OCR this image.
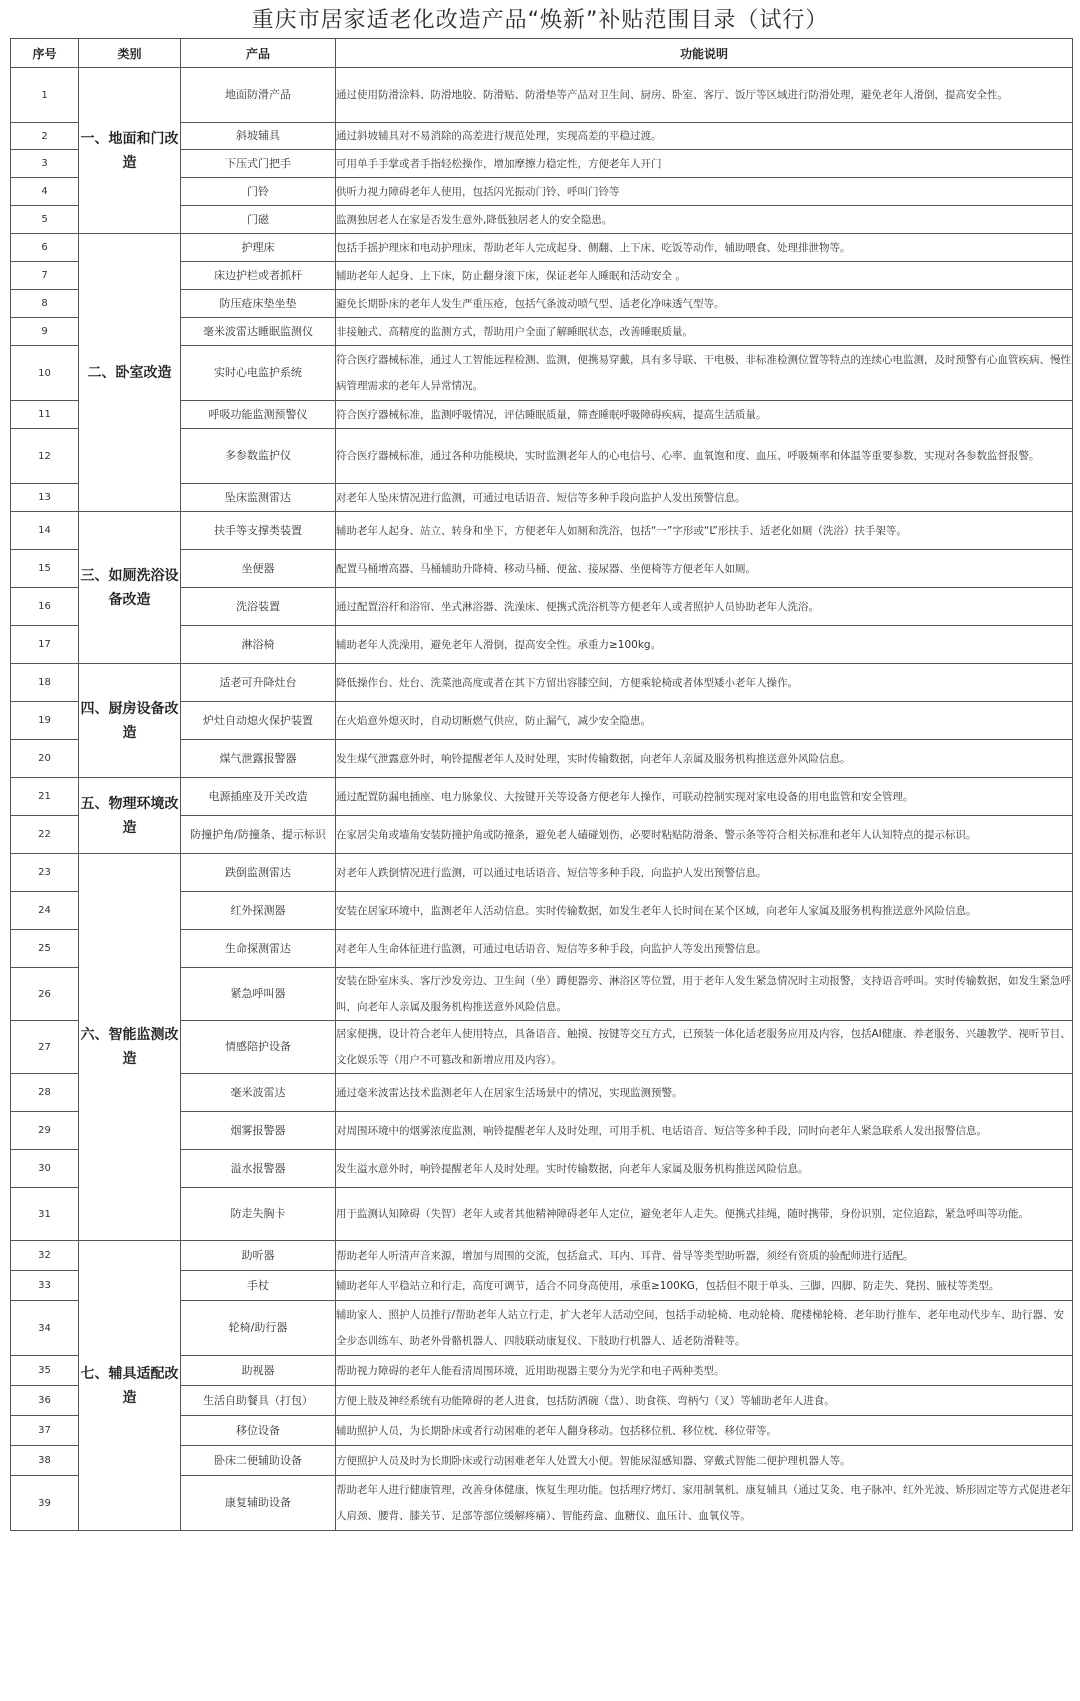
重庆市居家适老化改造产品“焕新”补贴范围目录（试行）
序号	类别	产品	功能说明
1	一、地面和门改造	地面防滑产品	通过使用防滑涂料、防滑地胶、防滑贴、防滑垫等产品对卫生间、厨房、卧室、客厅、饭厅等区域进行防滑处理，避免老年人滑倒，提高安全性。
2		斜坡辅具	通过斜坡辅具对不易消除的高差进行规范处理，实现高差的平稳过渡。
3		下压式门把手	可用单手手掌或者手指轻松操作，增加摩擦力稳定性，方便老年人开门
4		门铃	供听力视力障碍老年人使用，包括闪光振动门铃、呼叫门铃等
5		门磁	监测独居老人在家是否发生意外,降低独居老人的安全隐患。
6	二、卧室改造	护理床	包括手摇护理床和电动护理床，帮助老年人完成起身、侧翻、上下床、吃饭等动作，辅助喂食、处理排泄物等。
7		床边护栏或者抓杆	辅助老年人起身、上下床，防止翻身滚下床，保证老年人睡眠和活动安全 。
8		防压疮床垫坐垫	避免长期卧床的老年人发生严重压疮，包括气条波动喷气型、适老化净味透气型等。
9		毫米波雷达睡眠监测仪	非接触式、高精度的监测方式，帮助用户全面了解睡眠状态，改善睡眠质量。
10		实时心电监护系统	符合医疗器械标准，通过人工智能远程检测、监测，便携易穿戴，具有多导联、干电极、非标准检测位置等特点的连续心电监测，及时预警有心血管疾病、慢性病管理需求的老年人异常情况。
11		呼吸功能监测预警仪	符合医疗器械标准，监测呼吸情况，评估睡眠质量，筛查睡眠呼吸障碍疾病，提高生活质量。
12		多参数监护仪	符合医疗器械标准，通过各种功能模块，实时监测老年人的心电信号、心率、血氧饱和度、血压、呼吸频率和体温等重要参数，实现对各参数监督报警。
13		坠床监测雷达	对老年人坠床情况进行监测，可通过电话语音、短信等多种手段向监护人发出预警信息。
14	三、如厕洗浴设备改造	扶手等支撑类装置	辅助老年人起身、站立、转身和坐下，方便老年人如厕和洗浴，包括“一”字形或“L”形扶手、适老化如厕（洗浴）扶手架等。
15		坐便器	配置马桶增高器、马桶辅助升降椅、移动马桶、便盆、接尿器、坐便椅等方便老年人如厕。
16		洗浴装置	通过配置浴杆和浴帘、坐式淋浴器、洗澡床、便携式洗浴机等方便老年人或者照护人员协助老年人洗浴。
17		淋浴椅	辅助老年人洗澡用，避免老年人滑倒，提高安全性。承重力≥100kg。
18	四、厨房设备改造	适老可升降灶台	降低操作台、灶台、洗菜池高度或者在其下方留出容膝空间，方便乘轮椅或者体型矮小老年人操作。
19		炉灶自动熄火保护装置	在火焰意外熄灭时，自动切断燃气供应，防止漏气，减少安全隐患。
20		煤气泄露报警器	发生煤气泄露意外时，响铃提醒老年人及时处理，实时传输数据，向老年人亲属及服务机构推送意外风险信息。
21	五、物理环境改造	电源插座及开关改造	通过配置防漏电插座、电力脉象仪、大按键开关等设备方便老年人操作，可联动控制实现对家电设备的用电监管和安全管理。
22		防撞护角/防撞条、提示标识	在家居尖角或墙角安装防撞护角或防撞条，避免老人磕碰划伤，必要时粘贴防滑条、警示条等符合相关标准和老年人认知特点的提示标识。
23	六、智能监测改造	跌倒监测雷达	对老年人跌倒情况进行监测，可以通过电话语音、短信等多种手段，向监护人发出预警信息。
24		红外探测器	安装在居家环境中，监测老年人活动信息。实时传输数据，如发生老年人长时间在某个区域，向老年人家属及服务机构推送意外风险信息。
25		生命探测雷达	对老年人生命体征进行监测，可通过电话语音、短信等多种手段，向监护人等发出预警信息。
26		紧急呼叫器	安装在卧室床头、客厅沙发旁边、卫生间（坐）蹲便器旁、淋浴区等位置，用于老年人发生紧急情况时主动报警，支持语音呼叫。实时传输数据，如发生紧急呼叫，向老年人亲属及服务机构推送意外风险信息。
27		情感陪护设备	居家便携，设计符合老年人使用特点，具备语音、触摸、按键等交互方式，已预装一体化适老服务应用及内容，包括AI健康、养老服务、兴趣教学、视听节目、文化娱乐等（用户不可篡改和新增应用及内容）。
28		毫米波雷达	通过毫米波雷达技术监测老年人在居家生活场景中的情况，实现监测预警。
29		烟雾报警器	对周围环境中的烟雾浓度监测，响铃提醒老年人及时处理，可用手机、电话语音、短信等多种手段，同时向老年人紧急联系人发出报警信息。
30		溢水报警器	发生溢水意外时，响铃提醒老年人及时处理。实时传输数据，向老年人家属及服务机构推送风险信息。
31		防走失胸卡	用于监测认知障碍（失智）老年人或者其他精神障碍老年人定位，避免老年人走失。便携式挂绳，随时携带，身份识别，定位追踪，紧急呼叫等功能。
32	七、辅具适配改造	助听器	帮助老年人听清声音来源，增加与周围的交流，包括盒式、耳内、耳背、骨导等类型助听器，须经有资质的验配师进行适配。
33		手杖	辅助老年人平稳站立和行走，高度可调节，适合不同身高使用，承重≥100KG，包括但不限于单头、三脚、四脚、防走失、凳拐、腋杖等类型。
34		轮椅/助行器	辅助家人、照护人员推行/帮助老年人站立行走，扩大老年人活动空间，包括手动轮椅、电动轮椅、爬楼梯轮椅、老年助行推车、老年电动代步车、助行器、安全步态训练车、助老外骨骼机器人、四肢联动康复仪、下肢助行机器人、适老防滑鞋等。
35		助视器	帮助视力障碍的老年人能看清周围环境，近用助视器主要分为光学和电子两种类型。
36		生活自助餐具（打包）	方便上肢及神经系统有功能障碍的老人进食，包括防洒碗（盘）、助食筷、弯柄勺（叉）等辅助老年人进食。
37		移位设备	辅助照护人员，为长期卧床或者行动困难的老年人翻身移动。包括移位机、移位枕、移位带等。
38		卧床二便辅助设备	方便照护人员及时为长期卧床或行动困难老年人处置大小便。智能尿湿感知器、穿戴式智能二便护理机器人等。
39		康复辅助设备	帮助老年人进行健康管理，改善身体健康，恢复生理功能。包括理疗烤灯、家用制氧机、康复辅具（通过艾灸、电子脉冲、红外光波、矫形固定等方式促进老年人肩颈、腰背、膝关节、足部等部位缓解疼痛）、智能药盒、血糖仪、血压计、血氧仪等。
